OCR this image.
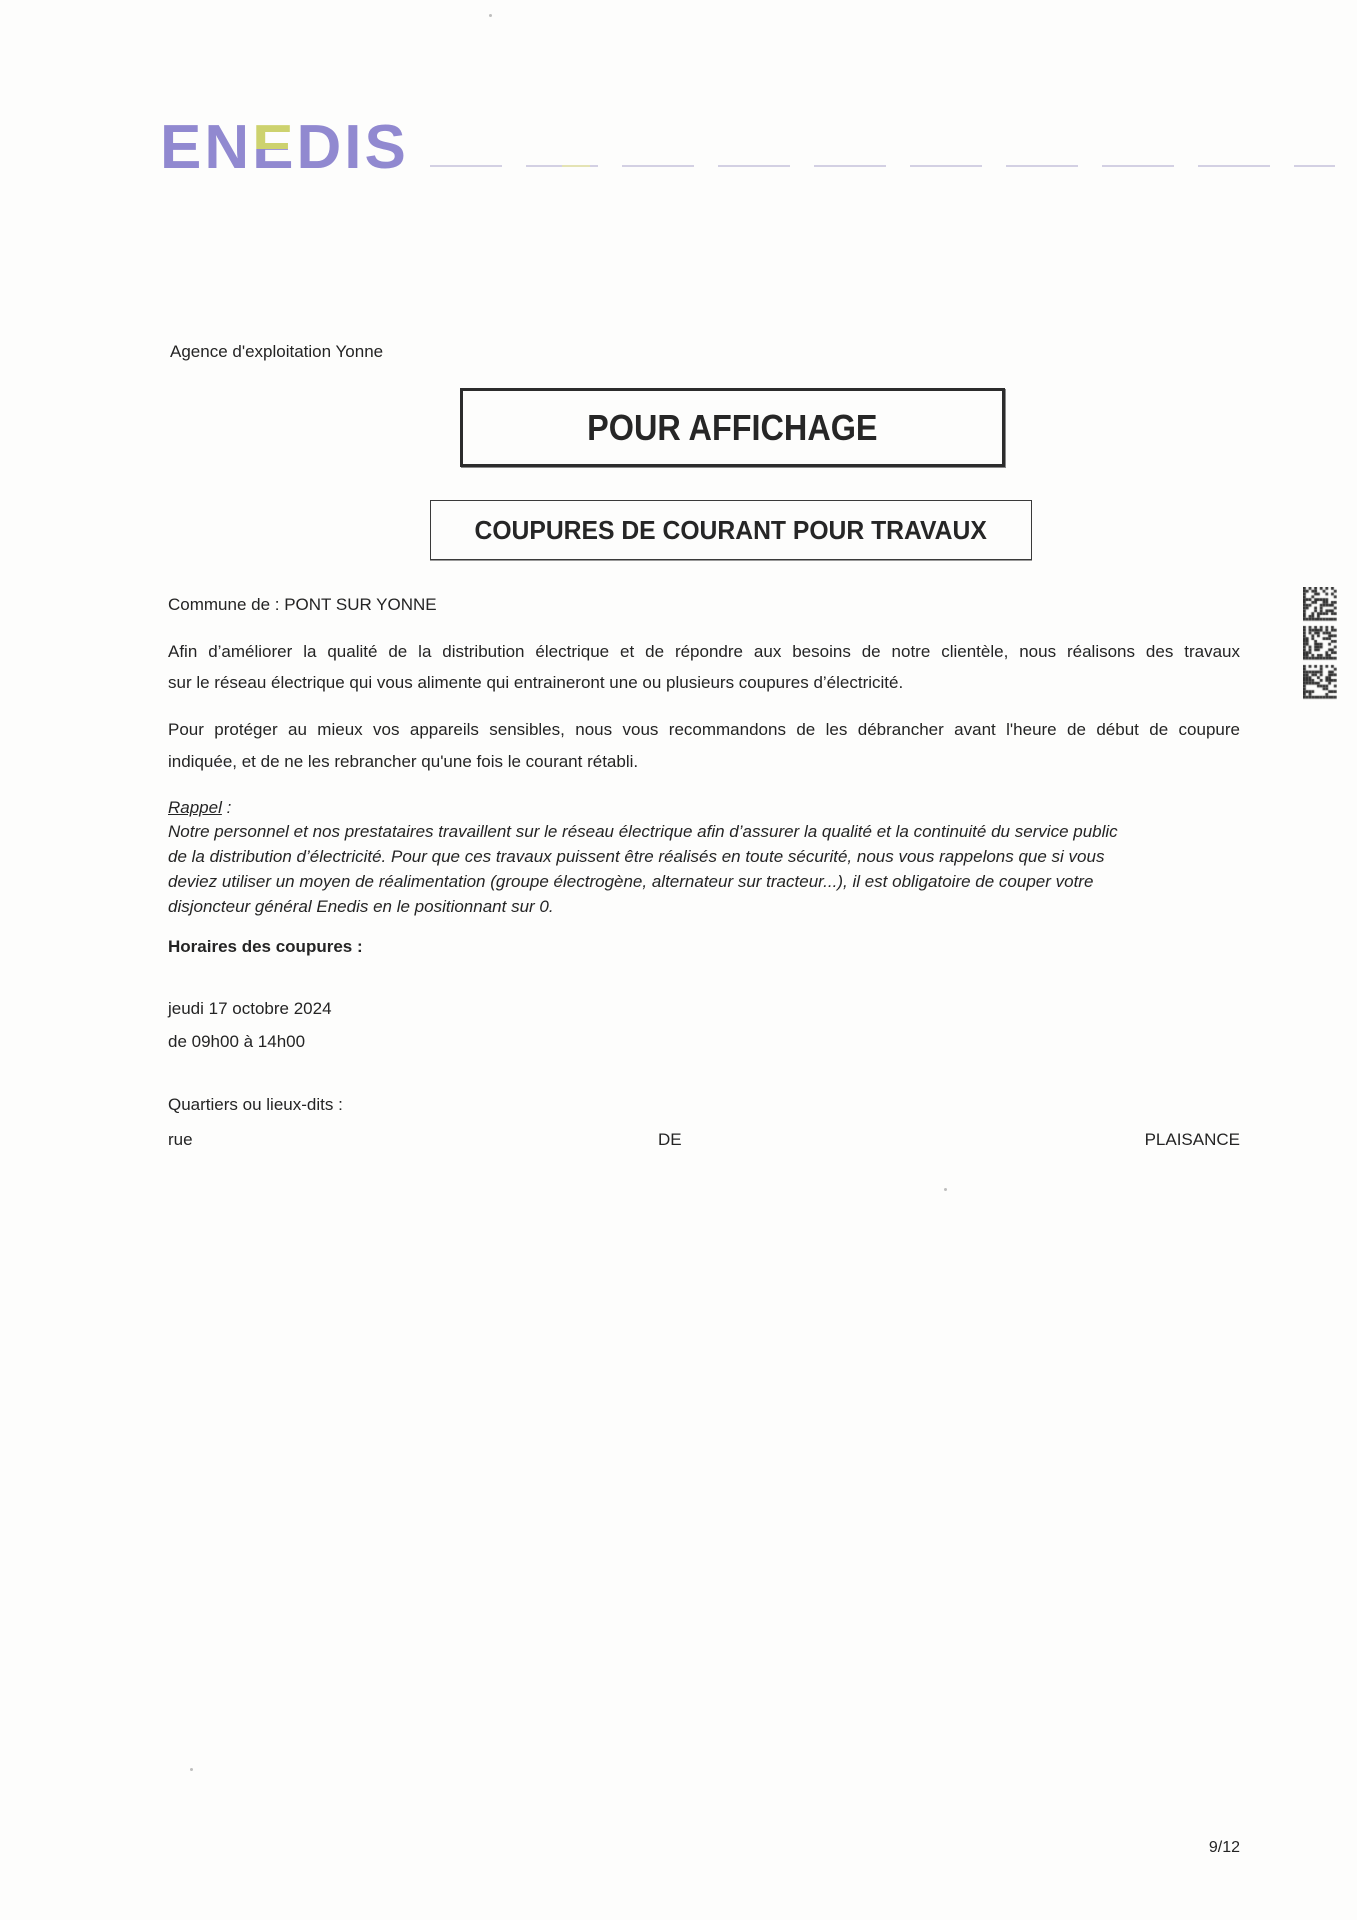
E N E D I S
Agence d'exploitation Yonne
POUR AFFICHAGE
COUPURES DE COURANT POUR TRAVAUX
Commune de : PONT SUR YONNE
Afin d’améliorer la qualité de la distribution électrique et de répondre aux besoins de notre clientèle, nous réalisons des travaux
sur le réseau électrique qui vous alimente qui entraineront une ou plusieurs coupures d’électricité.
Pour protéger au mieux vos appareils sensibles, nous vous recommandons de les débrancher avant l'heure de début de coupure
indiquée, et de ne les rebrancher qu'une fois le courant rétabli.
Rappel :
Notre personnel et nos prestataires travaillent sur le réseau électrique afin d’assurer la qualité et la continuité du service public
de la distribution d’électricité. Pour que ces travaux puissent être réalisés en toute sécurité, nous vous rappelons que si vous
deviez utiliser un moyen de réalimentation (groupe électrogène, alternateur sur tracteur...), il est obligatoire de couper votre
disjoncteur général Enedis en le positionnant sur 0.
Horaires des coupures :
jeudi 17 octobre 2024
de 09h00 à 14h00
Quartiers ou lieux-dits :
rue	DE	PLAISANCE
9/12
